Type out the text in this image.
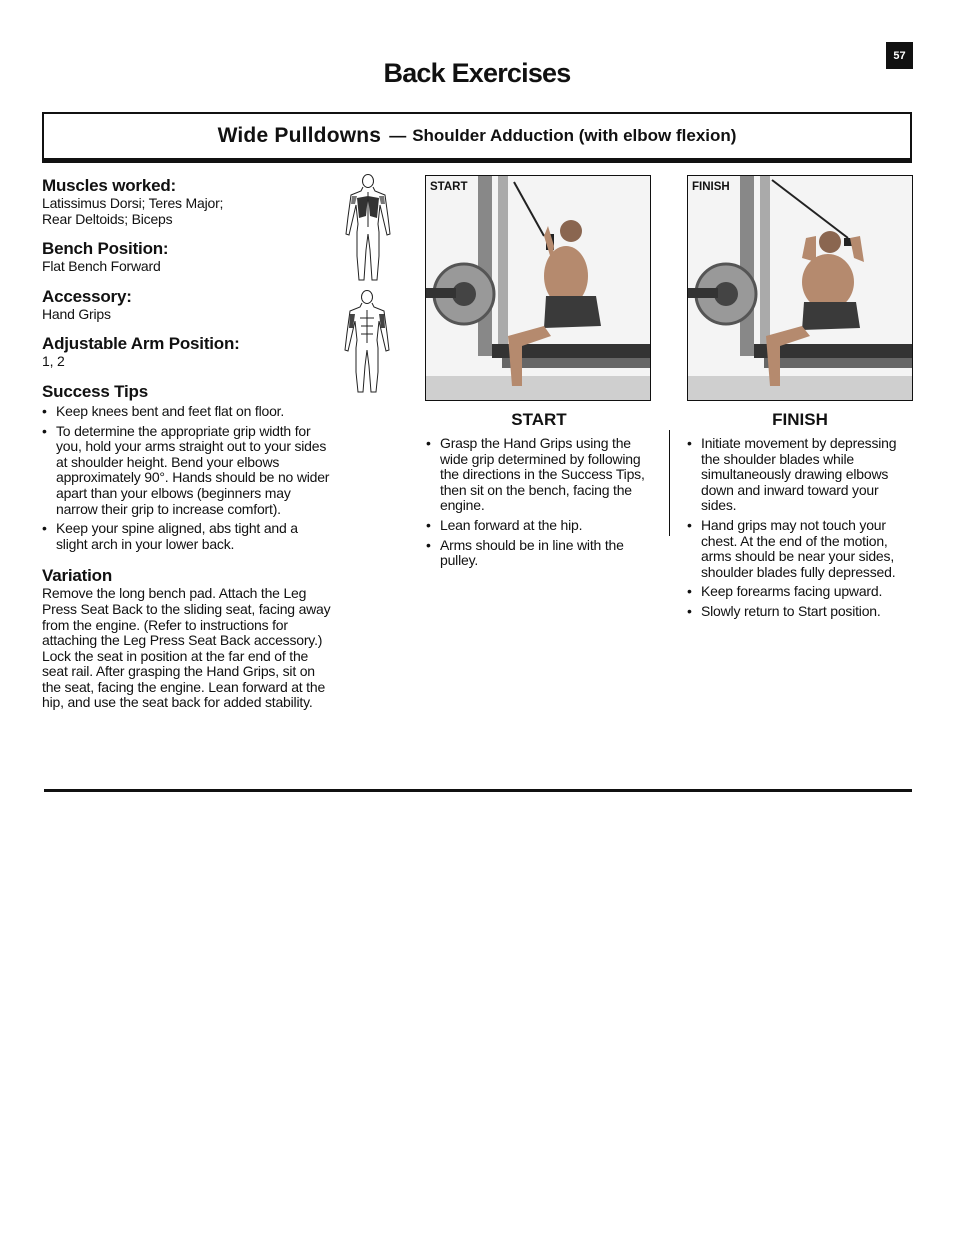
57
Back Exercises
Wide Pulldowns — Shoulder Adduction (with elbow flexion)

Muscles worked:

Latissimus Dorsi; Teres Major;

Rear Deltoids; Biceps

Bench Position:

Flat Bench Forward

Accessory:

Hand Grips

Adjustable Arm Position:

1, 2

Success Tips

• Keep knees bent and feet flat on floor.
• To determine the appropriate grip width for you, hold your arms straight out to your sides at shoulder height. Bend your elbows approximately 90°. Hands should be no wider apart than your elbows (beginners may narrow their grip to increase comfort).
• Keep your spine aligned, abs tight and a slight arch in your lower back.

Variation

Remove the long bench pad. Attach the Leg Press Seat Back to the sliding seat, facing away from the engine. (Refer to instructions for attaching the Leg Press Seat Back accessory.) Lock the seat in position at the far end of the seat rail. After grasping the Hand Grips, sit on the seat, facing the engine. Lean forward at the hip, and use the seat back for added stability.

START	FINISH
START	FINISH
• Grasp the Hand Grips using the wide grip determined by following the directions in the Success Tips, then sit on the bench, facing the engine.
• Lean forward at the hip.
• Arms should be in line with the pulley.
• Initiate movement by depressing the shoulder blades while simultaneously drawing elbows down and inward toward your sides.
• Hand grips may not touch your chest. At the end of the motion, arms should be near your sides, shoulder blades fully depressed.
• Keep forearms facing upward.
• Slowly return to Start position.
